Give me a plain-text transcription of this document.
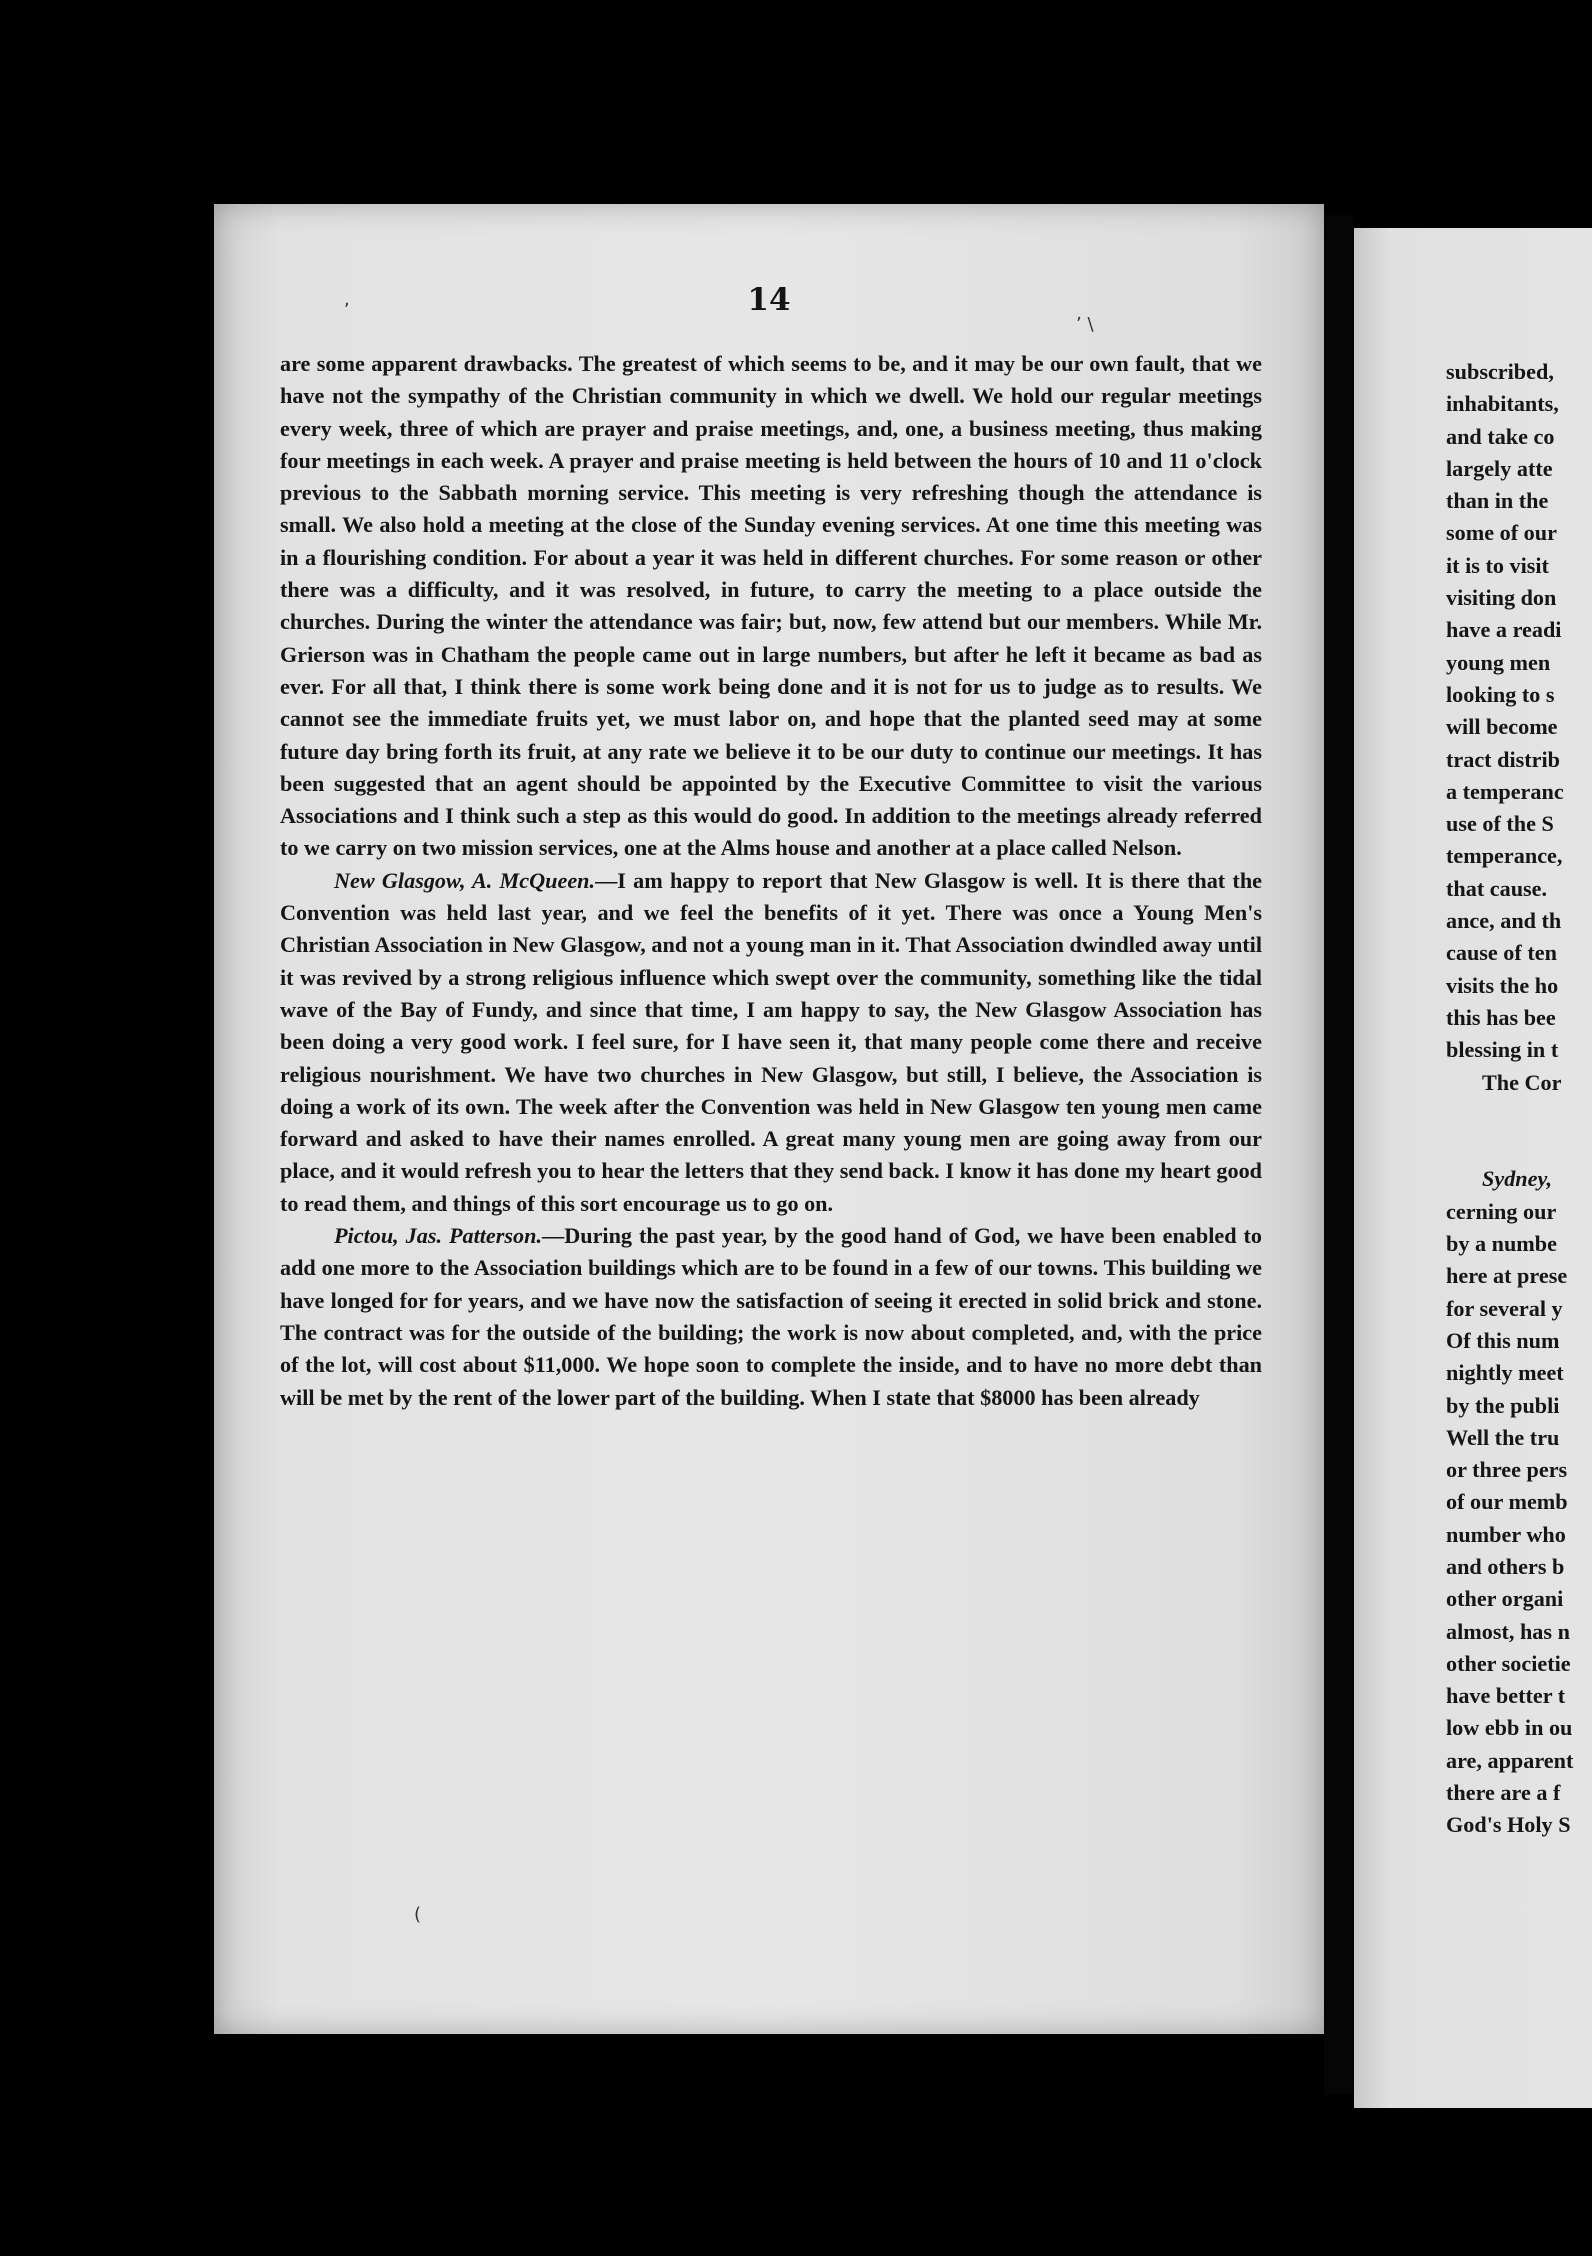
14

are some apparent drawbacks. The greatest of which seems to be, and it may be our own fault, that we have not the sympathy of the Christian community in which we dwell. We hold our regular meetings every week, three of which are prayer and praise meetings, and, one, a business meeting, thus making four meetings in each week. A prayer and praise meeting is held between the hours of 10 and 11 o'clock previous to the Sabbath morning service. This meeting is very refreshing though the attendance is small. We also hold a meeting at the close of the Sunday evening services. At one time this meeting was in a flourishing condition. For about a year it was held in different churches. For some reason or other there was a difficulty, and it was resolved, in future, to carry the meeting to a place outside the churches. During the winter the attendance was fair; but, now, few attend but our members. While Mr. Grierson was in Chatham the people came out in large numbers, but after he left it became as bad as ever. For all that, I think there is some work being done and it is not for us to judge as to results. We cannot see the immediate fruits yet, we must labor on, and hope that the planted seed may at some future day bring forth its fruit, at any rate we believe it to be our duty to continue our meetings. It has been suggested that an agent should be appointed by the Executive Committee to visit the various Associations and I think such a step as this would do good. In addition to the meetings already referred to we carry on two mission services, one at the Alms house and another at a place called Nelson.

New Glasgow, A. McQueen.—I am happy to report that New Glasgow is well. It is there that the Convention was held last year, and we feel the benefits of it yet. There was once a Young Men's Christian Association in New Glasgow, and not a young man in it. That Association dwindled away until it was revived by a strong religious influence which swept over the community, something like the tidal wave of the Bay of Fundy, and since that time, I am happy to say, the New Glasgow Association has been doing a very good work. I feel sure, for I have seen it, that many people come there and receive religious nourishment. We have two churches in New Glasgow, but still, I believe, the Association is doing a work of its own. The week after the Convention was held in New Glasgow ten young men came forward and asked to have their names enrolled. A great many young men are going away from our place, and it would refresh you to hear the letters that they send back. I know it has done my heart good to read them, and things of this sort encourage us to go on.

Pictou, Jas. Patterson.—During the past year, by the good hand of God, we have been enabled to add one more to the Association buildings which are to be found in a few of our towns. This building we have longed for for years, and we have now the satisfaction of seeing it erected in solid brick and stone. The contract was for the outside of the building; the work is now about completed, and, with the price of the lot, will cost about $11,000. We hope soon to complete the inside, and to have no more debt than will be met by the rent of the lower part of the building. When I state that $8000 has been already

,
ʼ \
(
subscribed,
inhabitants,
and take co
largely atte
than in the
some of our
it is to visit
visiting don
have a readi
young men
looking to s
will become
tract distrib
a temperanc
use of the S
temperance,
that cause.
ance, and th
cause of ten
visits the ho
this has bee
blessing in t
The Cor
Sydney,
cerning our
by a numbe
here at prese
for several y
Of this num
nightly meet
by the publi
Well the tru
or three pers
of our memb
number who
and others b
other organi
almost, has n
other societie
have better t
low ebb in ou
are, apparent
there are a f
God's Holy S
